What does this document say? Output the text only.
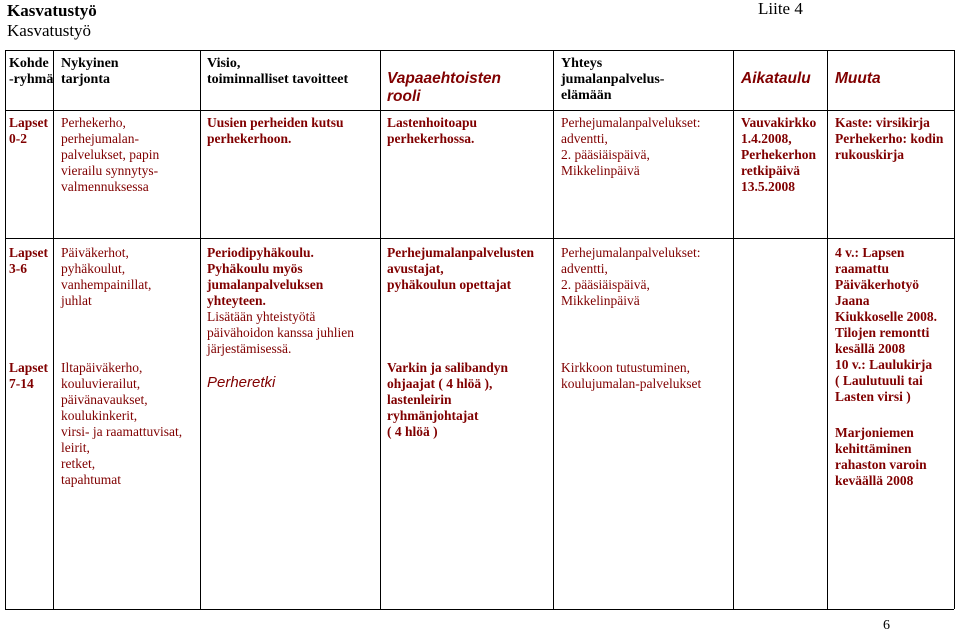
Kasvatustyö
Kasvatustyö
Liite 4
Kohde
-ryhmä
Nykyinen
tarjonta
Visio,
toiminnalliset tavoitteet	Vapaaehtoisten
rooli
Yhteys
jumalanpalvelus-
elämään
Aikataulu Muuta
Lapset
0-2
Perhekerho,
perhejumalan-
palvelukset, papin
vierailu synnytys-
valmennuksessa
Uusien perheiden kutsu
perhekerhoon.
Lastenhoitoapu
perhekerhossa.
Perhejumalanpalvelukset:
adventti,
2. pääsiäispäivä,
Mikkelinpäivä
Vauvakirkko
1.4.2008,
Perhekerhon
retkipäivä
13.5.2008
Kaste: virsikirja
Perhekerho: kodin
rukouskirja
Lapset
3-6
Päiväkerhot,
pyhäkoulut,
vanhempainillat,
juhlat
Periodipyhäkoulu.
Pyhäkoulu myös
jumalanpalveluksen
yhteyteen.
Lisätään yhteistyötä
päivähoidon kanssa juhlien
järjestämisessä.
Perheretki
Perhejumalanpalvelusten
avustajat,
pyhäkoulun opettajat
Perhejumalanpalvelukset:
adventti,
2. pääsiäispäivä,
Mikkelinpäivä
4 v.: Lapsen
raamattu
Päiväkerhotyö
Jaana
Kiukkoselle 2008.
Tilojen remontti
kesällä 2008
10 v.: Laulukirja
( Laulutuuli tai
Lasten virsi )
Marjoniemen
kehittäminen
rahaston varoin
keväällä 2008
Lapset
7-14
Iltapäiväkerho,
kouluvierailut,
päivänavaukset,
koulukinkerit,
virsi- ja raamattuvisat,
leirit,
retket,
tapahtumat
Varkin ja salibandyn
ohjaajat ( 4 hlöä ),
lastenleirin
ryhmänjohtajat
( 4 hlöä )
Kirkkoon tutustuminen,
koulujumalan-palvelukset
6
